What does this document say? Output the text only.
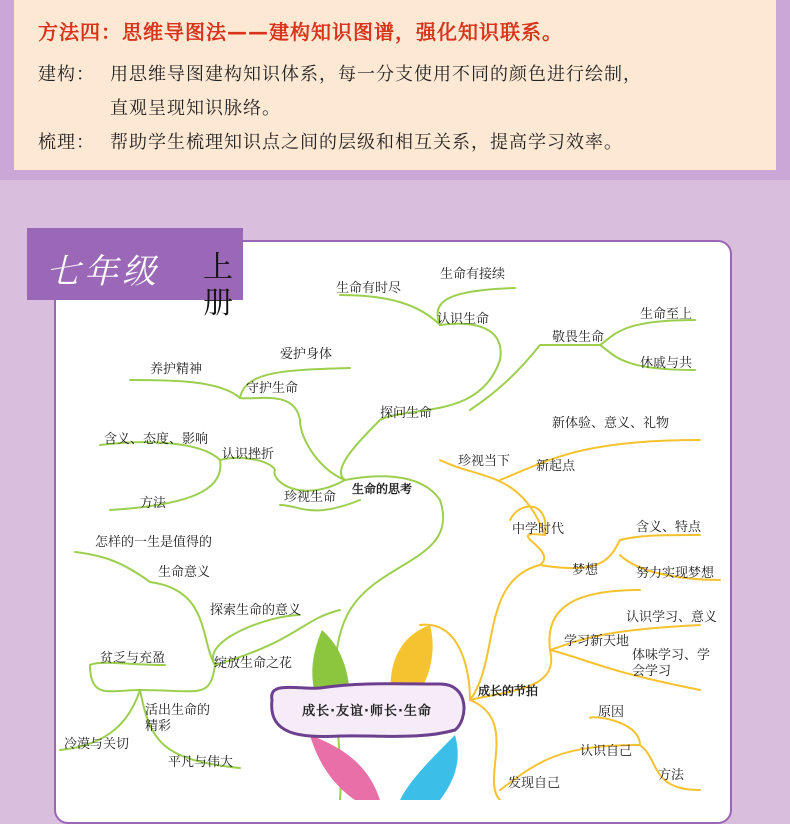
方法四：思维导图法——建构知识图谱，强化知识联系。
建构： 用思维导图建构知识体系，每一分支使用不同的颜色进行绘制，
直观呈现知识脉络。
梳理： 帮助学生梳理知识点之间的层级和相互关系，提高学习效率。
七年级 上册
成长·友谊·师长·生命
生命的思考
成长的节拍
生命有时尽
生命有接续
认识生命
敬畏生命
生命至上
休戚与共
爱护身体
养护精神
守护生命
探问生命
新体验、意义、礼物
含义、态度、影响
认识挫折	珍视当下 新起点
方法	珍视生命
中学时代	含义、特点
怎样的一生是值得的
梦想	努力实现梦想
生命意义
探索生命的意义	认识学习、意义
学习新天地
体味学习、学会学习
贫乏与充盈	绽放生命之花
活出生命的精彩
原因
冷漠与关切	认识自己
平凡与伟大
方法
发现自己
